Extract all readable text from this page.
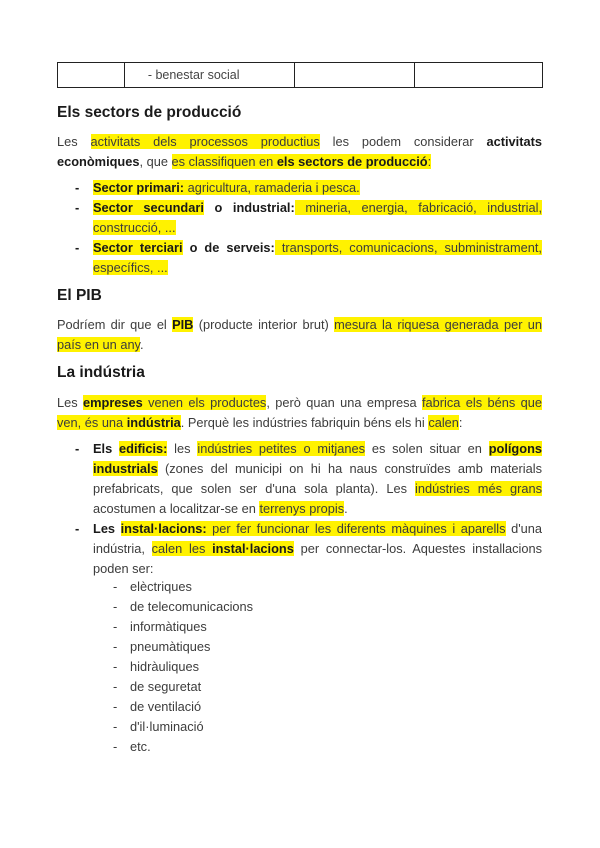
	- benestar social		
Els sectors de producció

Les activitats dels processos productius les podem considerar activitats econòmiques, que es classifiquen en els sectors de producció:

- Sector primari: agricultura, ramaderia i pesca.
- Sector secundari o industrial: mineria, energia, fabricació, industrial, construcció, ...
- Sector terciari o de serveis: transports, comunicacions, subministrament, específics, ...
El PIB

Podríem dir que el PIB (producte interior brut) mesura la riquesa generada per un país en un any.

La indústria

Les empreses venen els productes, però quan una empresa fabrica els béns que ven, és una indústria. Perquè les indústries fabriquin béns els hi calen:

- Els edificis: les indústries petites o mitjanes es solen situar en polígons industrials (zones del municipi on hi ha naus construïdes amb materials prefabricats, que solen ser d'una sola planta). Les indústries més grans acostumen a localitzar-se en terrenys propis.
- Les instal·lacions: per fer funcionar les diferents màquines i aparells d'una indústria, calen les instal·lacions per connectar-los. Aquestes installacions poden ser:
- elèctriques
- de telecomunicacions
- informàtiques
- pneumàtiques
- hidràuliques
- de seguretat
- de ventilació
- d'il·luminació
- etc.
